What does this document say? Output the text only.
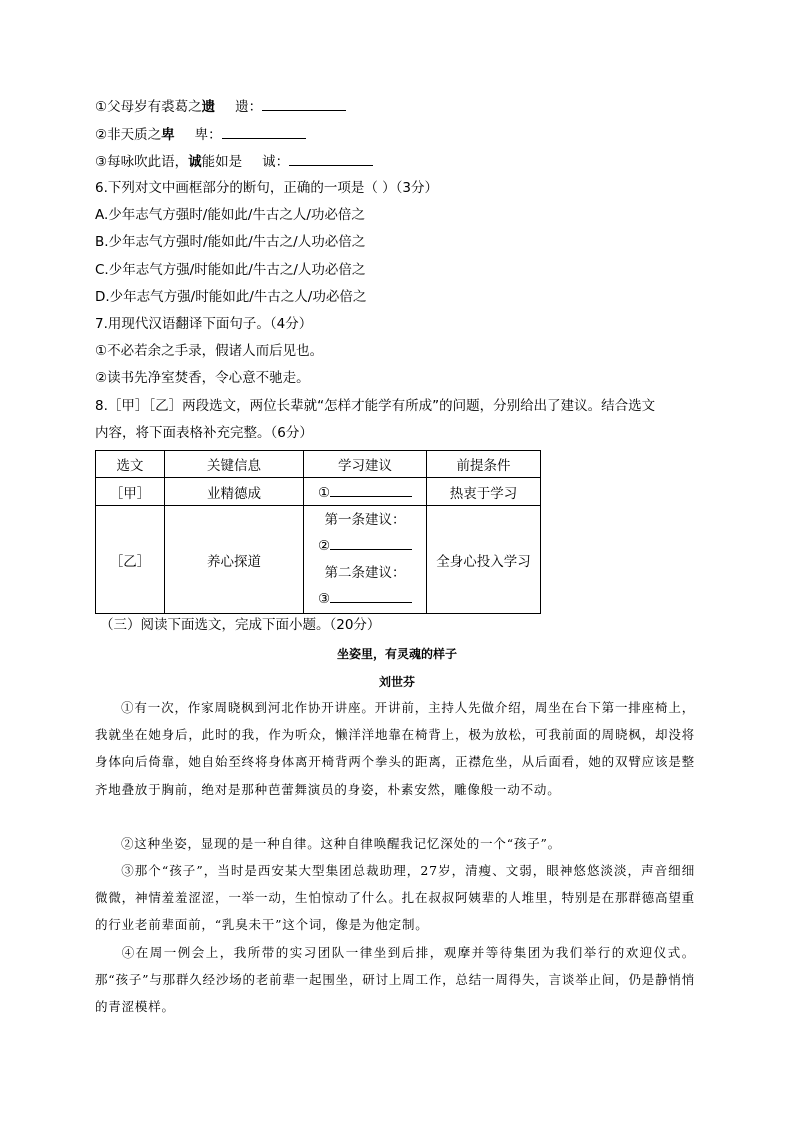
①父母岁有裘葛之遗 遗：
②非天质之卑 卑：
③每咏吹此语，诚能如是 诚：
6.下列对文中画框部分的断句，正确的一项是（ ）（3分）
A.少年志气方强时/能如此/牛古之人/功必倍之
B.少年志气方强时/能如此/牛古之/人功必倍之
C.少年志气方强/时能如此/牛古之/人功必倍之
D.少年志气方强/时能如此/牛古之人/功必倍之
7.用现代汉语翻译下面句子。（4分）
①不必若余之手录，假诸人而后见也。
②读书先净室焚香，令心意不驰走。
8.［甲］［乙］两段选文，两位长辈就“怎样才能学有所成”的问题，分别给出了建议。结合选文
内容，将下面表格补充完整。（6分）
选文	关键信息	学习建议	前提条件
［甲］	业精德成	①	热衷于学习
［乙］	养心探道	第一条建议：
②
第二条建议：
③	全身心投入学习
（三）阅读下面选文，完成下面小题。（20分）
坐姿里，有灵魂的样子
刘世芬
①有一次，作家周晓枫到河北作协开讲座。开讲前，主持人先做介绍，周坐在台下第一排座椅上，我就坐在她身后，此时的我，作为听众，懒洋洋地靠在椅背上，极为放松，可我前面的周晓枫，却没将身体向后倚靠，她自始至终将身体离开椅背两个拳头的距离，正襟危坐，从后面看，她的双臂应该是整齐地叠放于胸前，绝对是那种芭蕾舞演员的身姿，朴素安然，雕像般一动不动。
②这种坐姿，显现的是一种自律。这种自律唤醒我记忆深处的一个“孩子”。
③那个“孩子”，当时是西安某大型集团总裁助理，27岁，清瘦、文弱，眼神悠悠淡淡，声音细细微微，神情羞羞涩涩，一举一动，生怕惊动了什么。扎在叔叔阿姨辈的人堆里，特别是在那群德高望重的行业老前辈面前，“乳臭未干”这个词，像是为他定制。
④在周一例会上，我所带的实习团队一律坐到后排，观摩并等待集团为我们举行的欢迎仪式。那“孩子”与那群久经沙场的老前辈一起围坐，研讨上周工作，总结一周得失，言谈举止间，仍是静悄悄的青涩模样。
